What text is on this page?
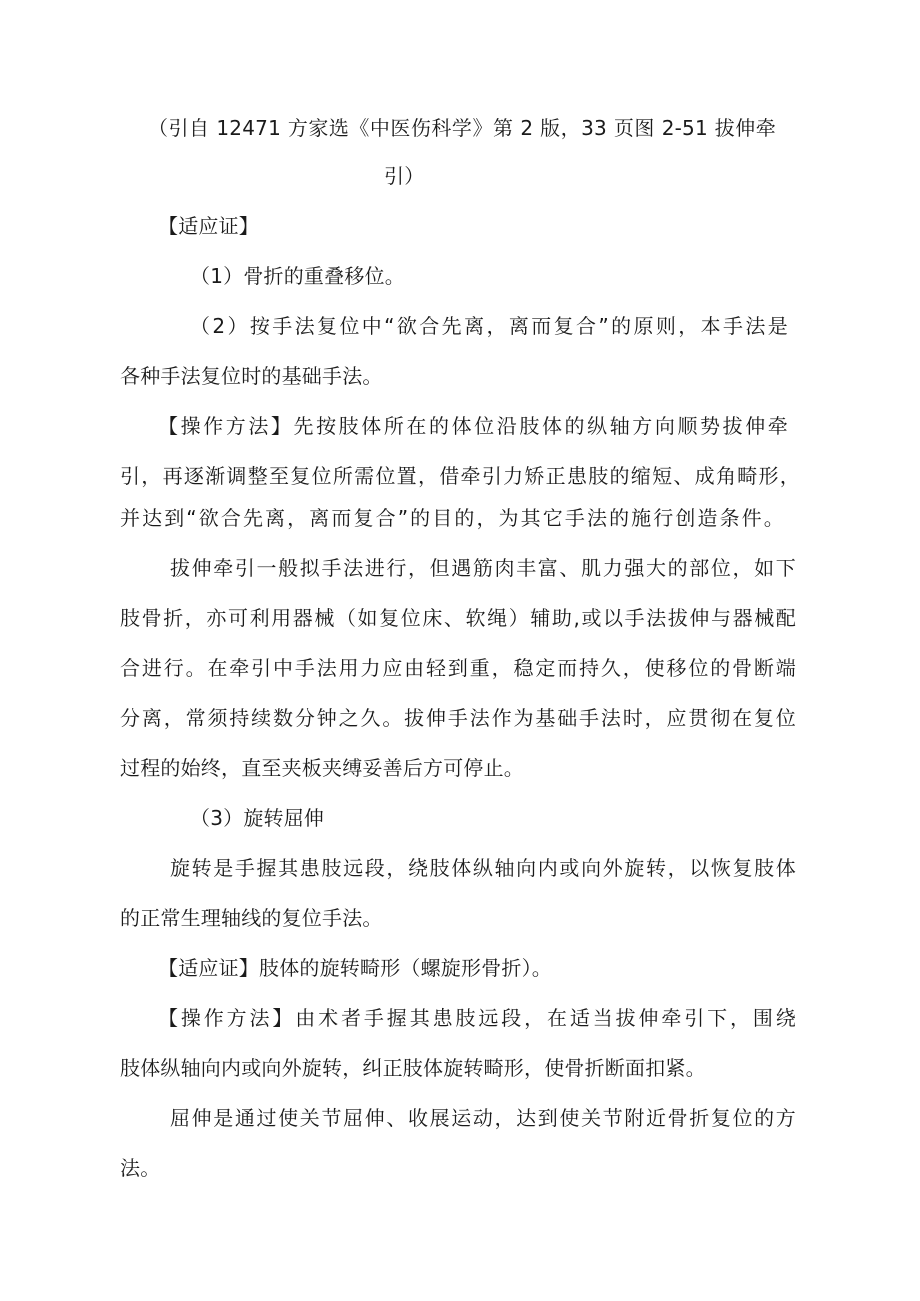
（引自 12471 方家选《中医伤科学》第 2 版，33 页图 2-51 拔伸牵
引）
【适应证】
（1）骨折的重叠移位。
（2）按手法复位中“欲合先离，离而复合”的原则，本手法是
各种手法复位时的基础手法。
【操作方法】先按肢体所在的体位沿肢体的纵轴方向顺势拔伸牵
引，再逐渐调整至复位所需位置，借牵引力矫正患肢的缩短、成角畸形，
并达到“欲合先离，离而复合”的目的，为其它手法的施行创造条件。
拔伸牵引一般拟手法进行，但遇筋肉丰富、肌力强大的部位，如下
肢骨折，亦可利用器械（如复位床、软绳）辅助,或以手法拔伸与器械配
合进行。在牵引中手法用力应由轻到重，稳定而持久，使移位的骨断端
分离，常须持续数分钟之久。拔伸手法作为基础手法时，应贯彻在复位
过程的始终，直至夹板夹缚妥善后方可停止。
（3）旋转屈伸
旋转是手握其患肢远段，绕肢体纵轴向内或向外旋转，以恢复肢体
的正常生理轴线的复位手法。
【适应证】肢体的旋转畸形（螺旋形骨折）。
【操作方法】由术者手握其患肢远段，在适当拔伸牵引下，围绕
肢体纵轴向内或向外旋转，纠正肢体旋转畸形，使骨折断面扣紧。
屈伸是通过使关节屈伸、收展运动，达到使关节附近骨折复位的方
法。
